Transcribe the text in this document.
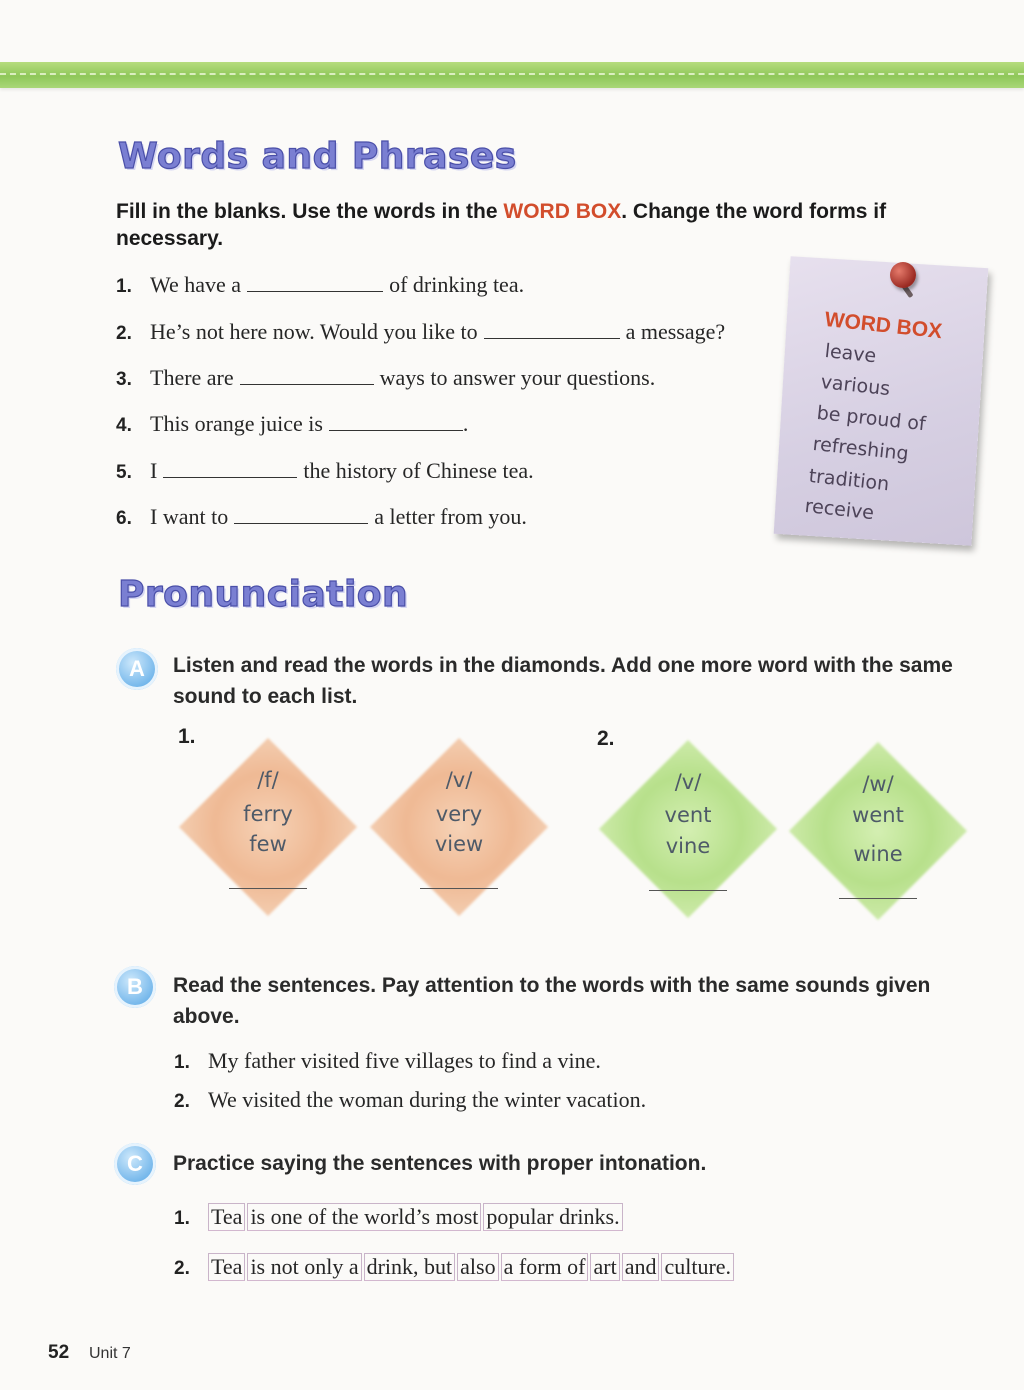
Words and Phrases
Fill in the blanks. Use the words in the WORD BOX. Change the word forms if necessary.
1. We have a	of drinking tea.
2. He’s not here now. Would you like to	a message?
3. There are	ways to answer your questions.
4. This orange juice is	.
5. I	the history of Chinese tea.
6. I want to	a letter from you.
WORD BOX
leave
various
be proud of
refreshing
tradition
receive
Pronunciation
A	Listen and read the words in the diamonds. Add one more word with the same sound to each list.
1.	2.
/f/
ferry
few
/v/
very
view
/v/
vent
vine
/w/
went
wine
B	Read the sentences. Pay attention to the words with the same sounds given above.
1. My father visited five villages to find a vine.
2. We visited the woman during the winter vacation.
C	Practice saying the sentences with proper intonation.
1. Tea is one of the world’s most popular drinks.
2. Tea is not only a drink, but also a form of art and culture.
52 Unit 7
